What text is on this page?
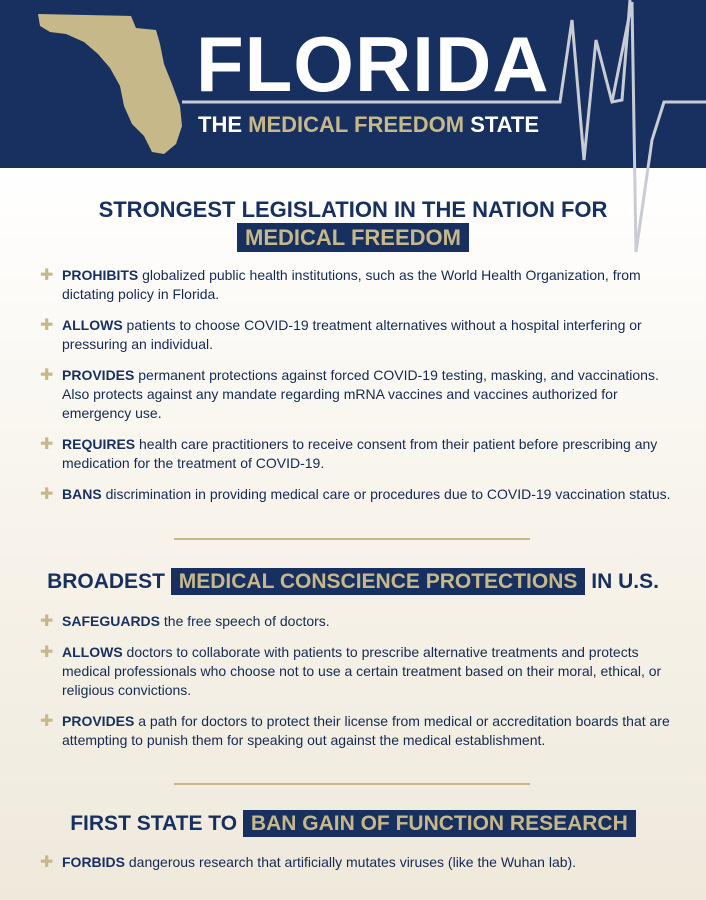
FLORIDA

THE MEDICAL FREEDOM STATE

STRONGEST LEGISLATION IN THE NATION FOR

MEDICAL FREEDOM

✚ PROHIBITS globalized public health institutions, such as the World Health Organization, from dictating policy in Florida.
✚ ALLOWS patients to choose COVID-19 treatment alternatives without a hospital interfering or pressuring an individual.
✚ PROVIDES permanent protections against forced COVID-19 testing, masking, and vaccinations. Also protects against any mandate regarding mRNA vaccines and vaccines authorized for emergency use.
✚ REQUIRES health care practitioners to receive consent from their patient before prescribing any medication for the treatment of COVID-19.
✚ BANS discrimination in providing medical care or procedures due to COVID-19 vaccination status.

BROADEST MEDICAL CONSCIENCE PROTECTIONS IN U.S.

✚ SAFEGUARDS the free speech of doctors.
✚ ALLOWS doctors to collaborate with patients to prescribe alternative treatments and protects medical professionals who choose not to use a certain treatment based on their moral, ethical, or religious convictions.
✚ PROVIDES a path for doctors to protect their license from medical or accreditation boards that are attempting to punish them for speaking out against the medical establishment.

FIRST STATE TO BAN GAIN OF FUNCTION RESEARCH

✚ FORBIDS dangerous research that artificially mutates viruses (like the Wuhan lab).
